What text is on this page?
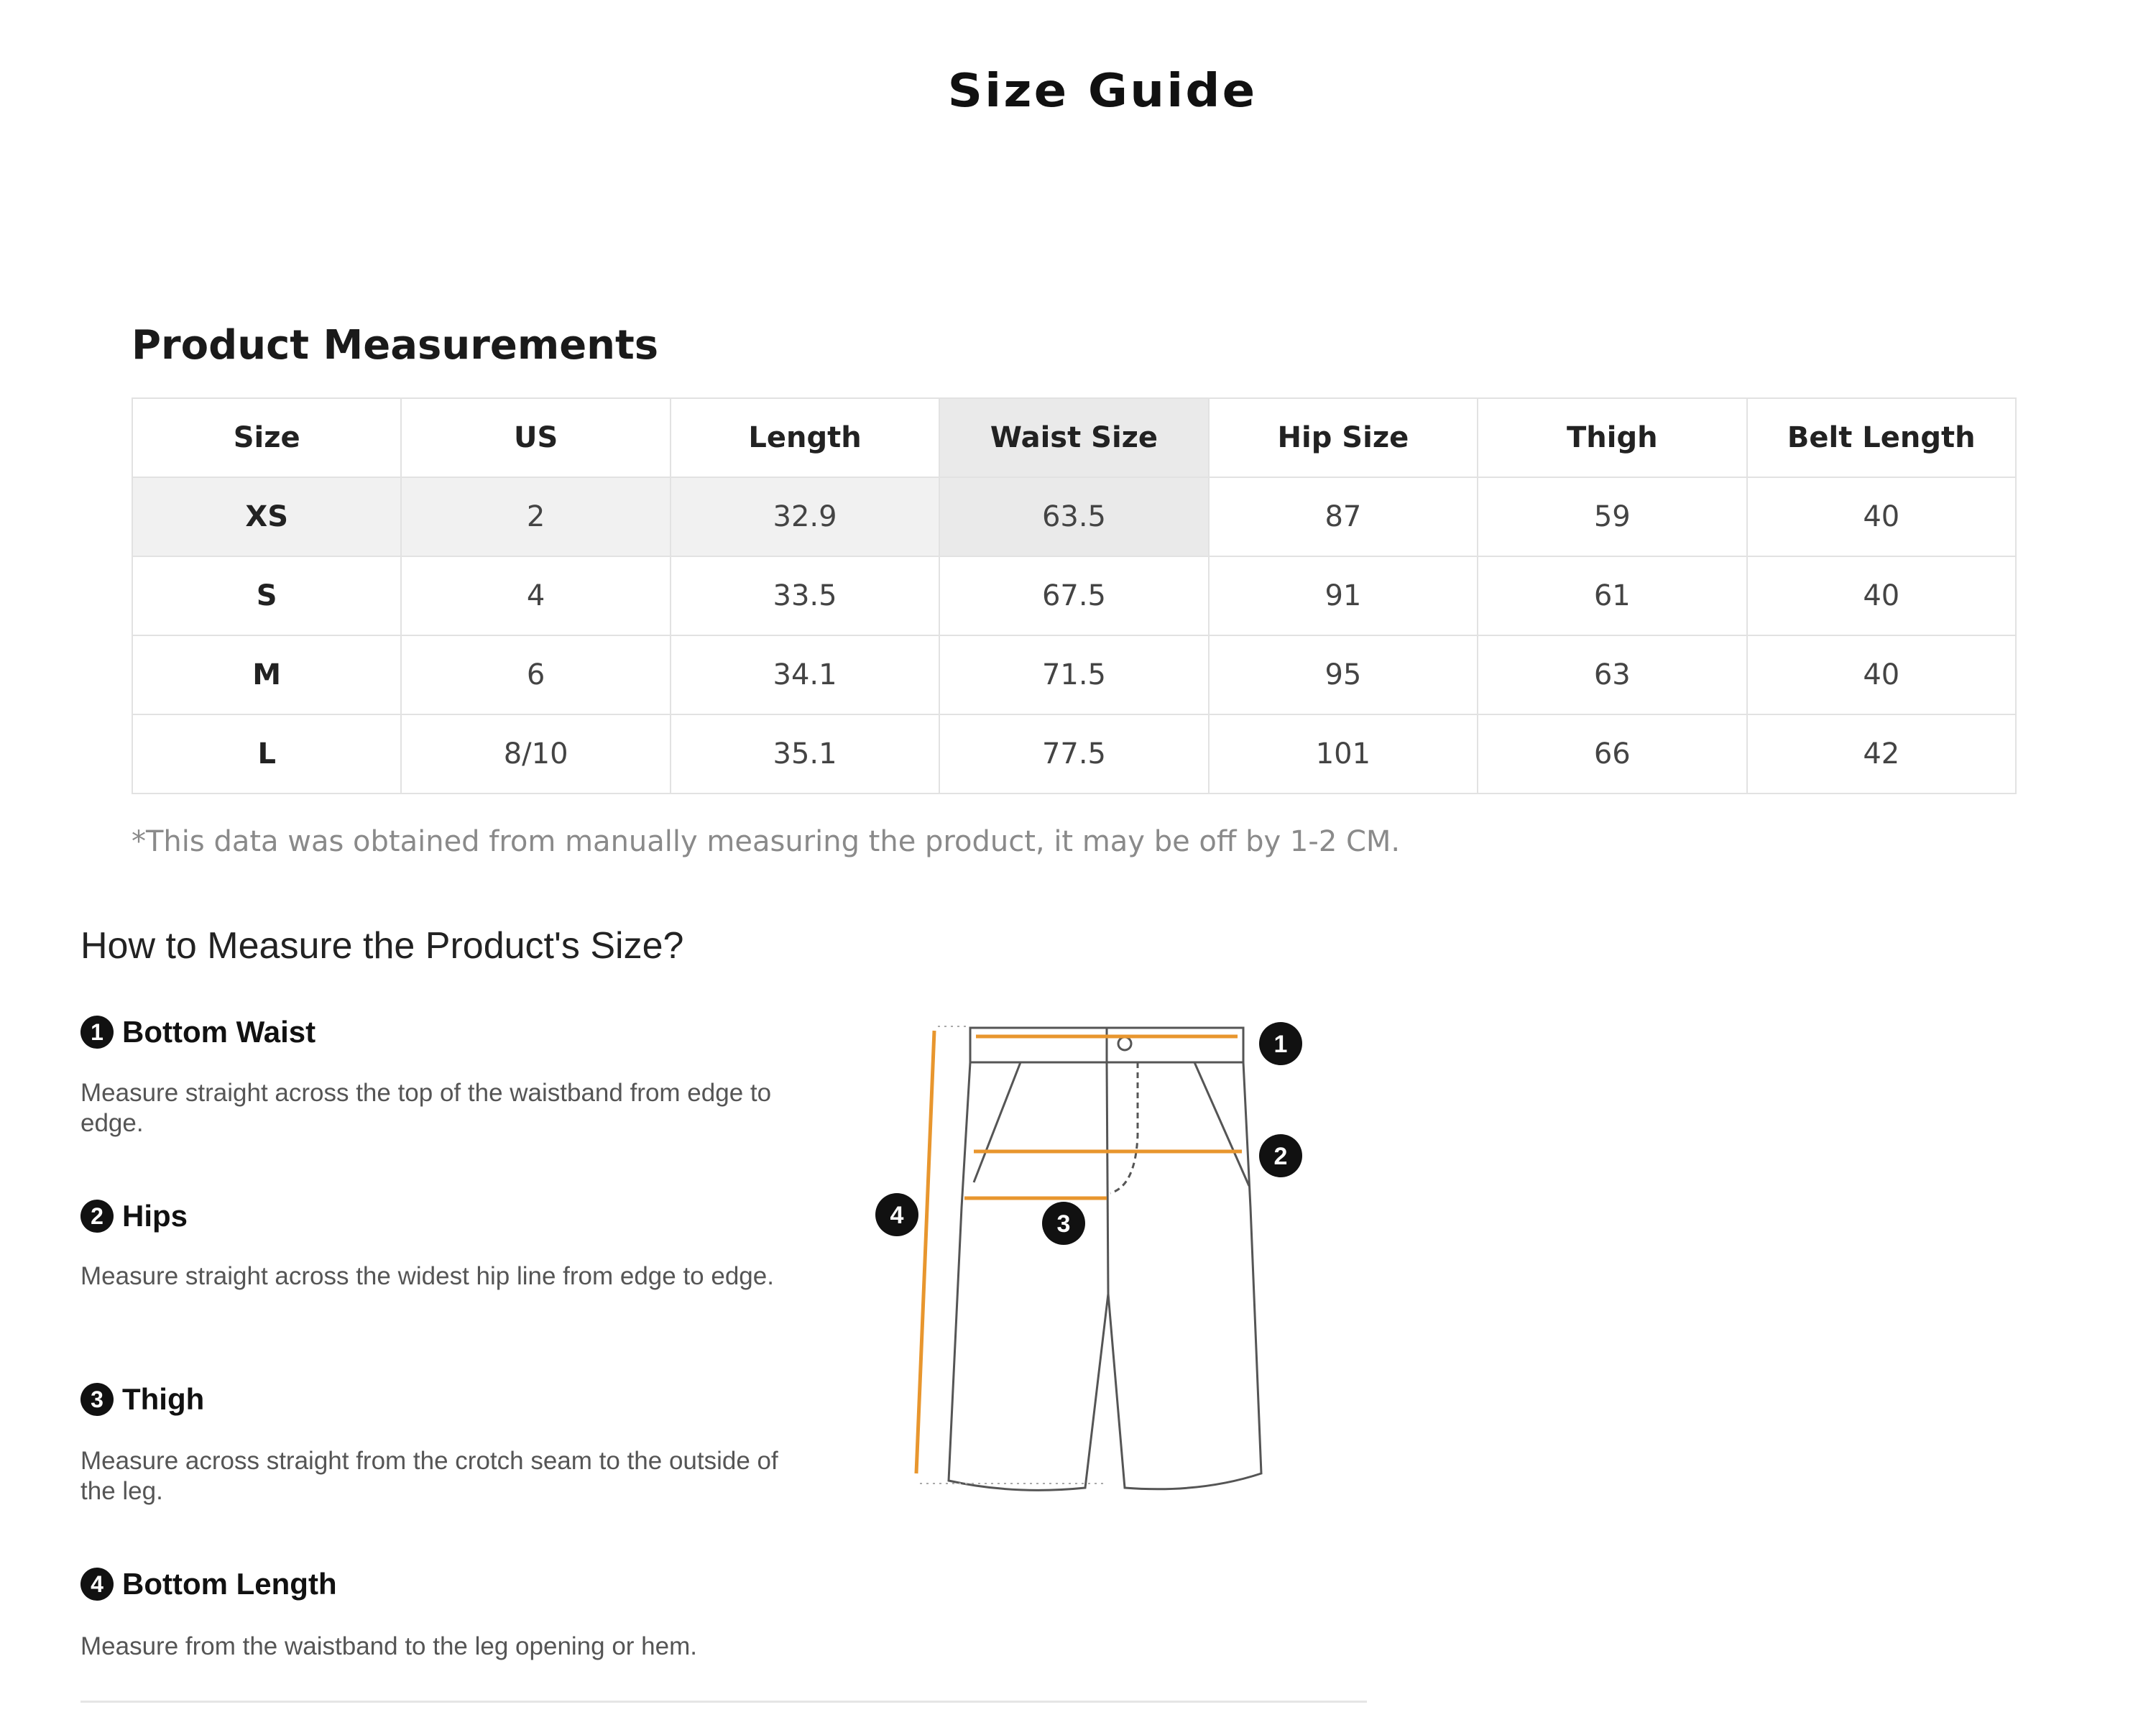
Size Guide
Product Measurements
Size	US	Length	Waist Size	Hip Size	Thigh	Belt Length
XS	2	32.9	63.5	87	59	40
S	4	33.5	67.5	91	61	40
M	6	34.1	71.5	95	63	40
L	8/10	35.1	77.5	101	66	42
*This data was obtained from manually measuring the product, it may be off by 1-2 CM.
How to Measure the Product's Size?
1 Bottom Waist
Measure straight across the top of the waistband from edge to edge.
2 Hips
Measure straight across the widest hip line from edge to edge.
3 Thigh
Measure across straight from the crotch seam to the outside of the leg.
4 Bottom Length
Measure from the waistband to the leg opening or hem.
1
2
3
4
